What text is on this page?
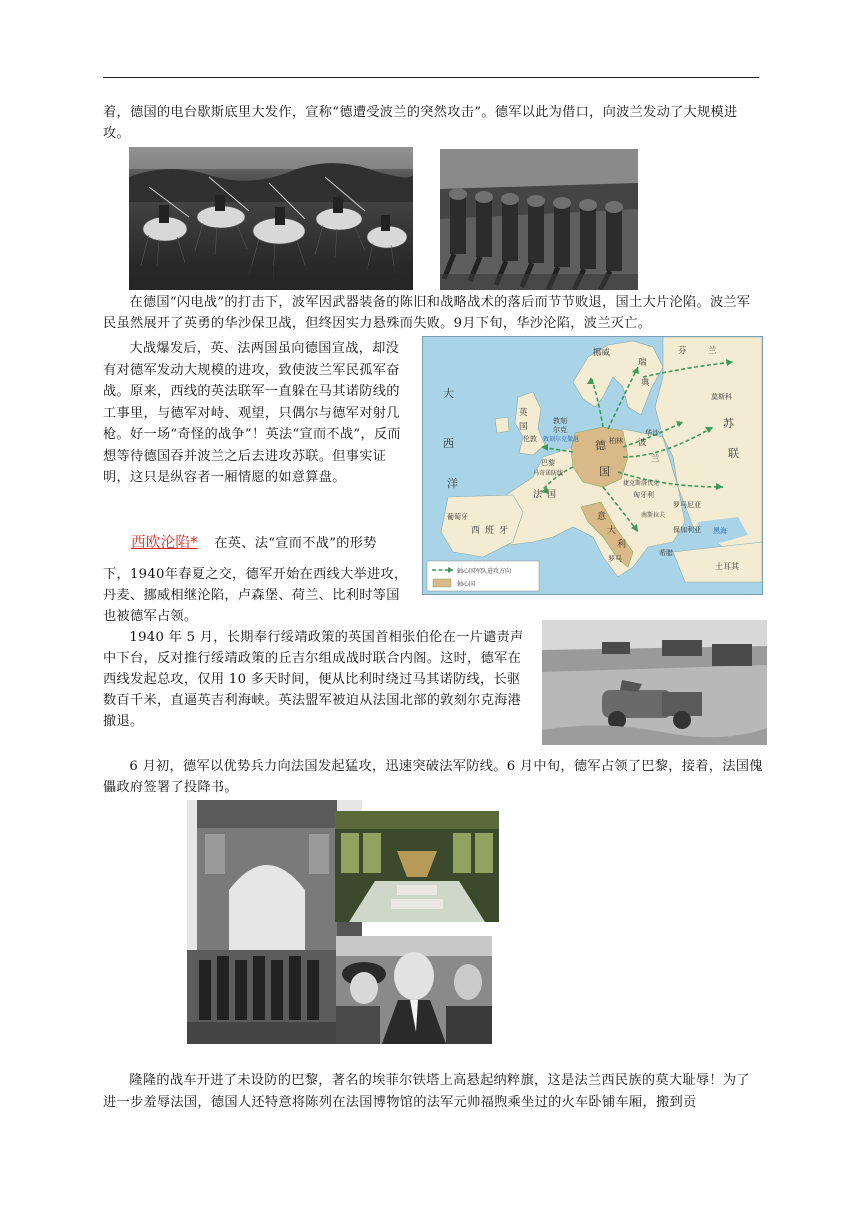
着，德国的电台歇斯底里大发作，宣称“德遭受波兰的突然攻击”。德军以此为借口，向波兰发动了大规模进攻。
在德国“闪电战”的打击下，波军因武器装备的陈旧和战略战术的落后而节节败退，国土大片沦陷。波兰军民虽然展开了英勇的华沙保卫战，但终因实力悬殊而失败。9月下旬，华沙沦陷，波兰灭亡。
大战爆发后，英、法两国虽向德国宣战，却没有对德军发动大规模的进攻，致使波兰军民孤军奋战。原来，西线的英法联军一直躲在马其诺防线的工事里，与德军对峙、观望，只偶尔与德军对射几枪。好一场“奇怪的战争”！英法“宣而不战”，反而想等待德国吞并波兰之后去进攻苏联。但事实证明，这只是纵容者一厢情愿的如意算盘。
大
西
洋
芬	兰
瑞
典
挪威
英
国
伦敦
敦刻
尔克
敦刻尔克撤退 德
国
柏林 波
兰
华沙
莫斯科
苏
联
巴黎
马奇诺防线
法 国
西 班 牙
葡萄牙	意
大
利
罗马
罗马尼亚
保加利亚
匈牙利
捷克斯洛伐克
南斯拉夫
希腊
土耳其
黑海
轴心国军队进攻方向
轴心国
西欧沦陷* 在英、法“宣而不战”的形势
下，1940年春夏之交，德军开始在西线大举进攻，丹麦、挪威相继沦陷，卢森堡、荷兰、比利时等国也被德军占领。
1940 年 5 月，长期奉行绥靖政策的英国首相张伯伦在一片谴责声中下台，反对推行绥靖政策的丘吉尔组成战时联合内阁。这时，德军在西线发起总攻，仅用 10 多天时间，便从比利时绕过马其诺防线，长驱数百千米，直逼英吉利海峡。英法盟军被迫从法国北部的敦刻尔克海港撤退。
6 月初，德军以优势兵力向法国发起猛攻，迅速突破法军防线。6 月中旬，德军占领了巴黎，接着，法国傀儡政府签署了投降书。
隆隆的战车开进了未设防的巴黎，著名的埃菲尔铁塔上高悬起纳粹旗，这是法兰西民族的莫大耻辱！为了进一步羞辱法国，德国人还特意将陈列在法国博物馆的法军元帅福煦乘坐过的火车卧铺车厢，搬到贡
